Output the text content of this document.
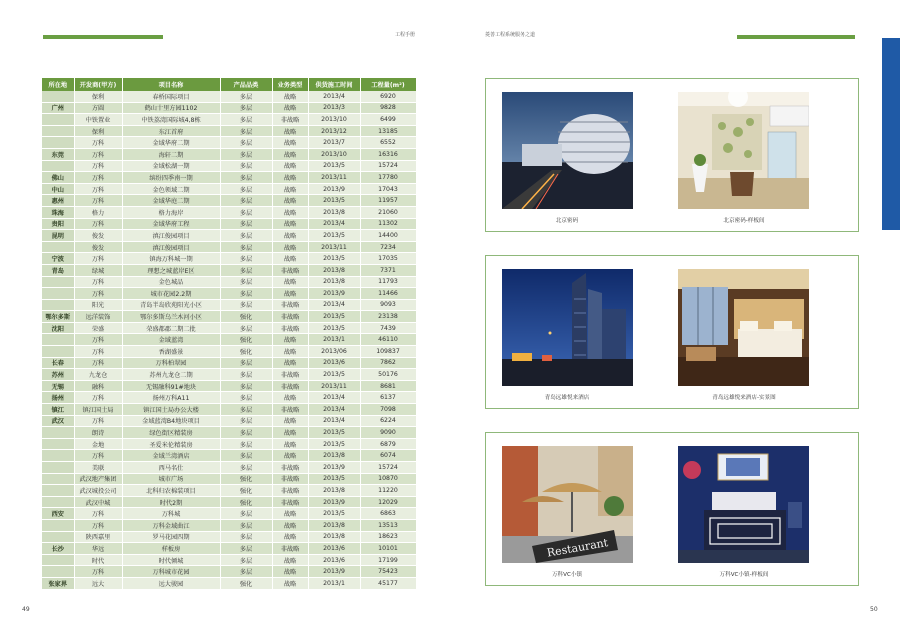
工程手册
所在地	开发商(甲方)	项目名称	产品品类	业务类型	供货施工时间	工程量(m²)
	保利	春桥国际项目	多层	战略	2013/4	6920
广州	方圆	鹤山十里方园1102	多层	战略	2013/3	9828
	中铁置业	中铁荔湾国际城4,8栋	多层	非战略	2013/10	6499
	保利	东江首府	多层	战略	2013/12	13185
	万科	金域华府二期	多层	战略	2013/7	6552
东莞	万科	海轩二期	多层	战略	2013/10	16316
	万科	金域松湖一期	多层	战略	2013/5	15724
佛山	万科	缤纷四季南一期	多层	战略	2013/11	17780
中山	万科	金色领域二期	多层	战略	2013/9	17043
惠州	万科	金域华庭二期	多层	战略	2013/5	11957
珠海	格力	格力海岸	多层	战略	2013/8	21060
贵阳	万科	金域华府工程	多层	战略	2013/4	11302
昆明	俊发	滇江俊园项目	多层	战略	2013/5	14400
	俊发	滇江俊园项目	多层	战略	2013/11	7234
宁波	万科	镇海万科城一期	多层	战略	2013/5	17035
青岛	绿城	理想之城蓝岸E区	多层	非战略	2013/8	7371
	万科	金色城品	多层	战略	2013/8	11793
	万科	城市花园2.2期	多层	战略	2013/9	11466
	阳光	青岛半岛欣苑阳光小区	多层	非战略	2013/4	9093
鄂尔多斯	远洋装饰	鄂尔多斯乌兰木河小区	强化	非战略	2013/5	23138
沈阳	荣盛	荣盛都郡二期二批	多层	非战略	2013/5	7439
	万科	金域蓝湾	强化	战略	2013/1	46110
	万科	香湖盛景	强化	战略	2013/06	109837
长春	万科	万科柏翠园	多层	战略	2013/6	7862
苏州	九龙仓	苏州九龙仓二期	多层	非战略	2013/5	50176
无锡	融科	无锡融科91#地块	多层	非战略	2013/11	8681
扬州	万科	扬州万科A11	多层	战略	2013/4	6137
镇江	镇江国土局	镇江国土局办公大楼	多层	非战略	2013/4	7098
武汉	万科	金域蓝湾B4地块项目	多层	战略	2013/4	6224
	朗诗	绿色街区精装房	多层	战略	2013/5	9090
	金地	圣爱米伦精装房	多层	战略	2013/5	6879
	万科	金域兰湾酒店	多层	战略	2013/8	6074
	美联	西马名仕	多层	非战略	2013/9	15724
	武汉地产集团	城市广场	强化	非战略	2013/5	10870
	武汉城投公司	北科归农棉装项目	强化	非战略	2013/8	11220
	武汉中城	时代2期	强化	非战略	2013/9	12029
西安	万科	万科城	多层	战略	2013/5	6863
	万科	万科金域曲江	多层	战略	2013/8	13513
	陕西嘉里	罗马花园四期	多层	战略	2013/8	18623
长沙	华远	样板房	多层	非战略	2013/6	10101
	时代	时代倾城	多层	战略	2013/6	17199
	万科	万科城市花园	多层	战略	2013/9	75423
张家界	远大	远大骏园	强化	战略	2013/1	45177
49
菱善工程系统服务之道
北京密码	北京密码-样板间
青岛远雄悦来酒店	青岛远雄悦来酒店-实景图
Restaurant
万科VC小镇	万科VC小镇-样板间
50
